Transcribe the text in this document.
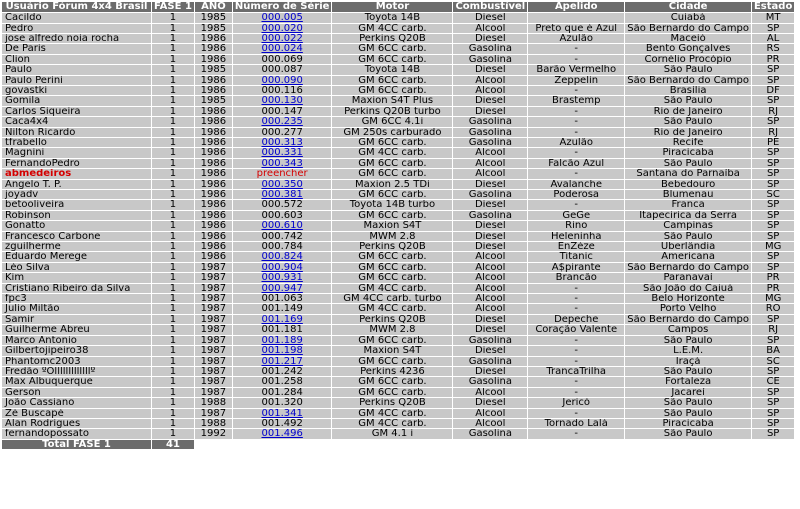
Usuário Fórum 4x4 Brasil	FASE 1	ANO	Número de Série	Motor	Combustível	Apelido	Cidade	Estado
Cacildo	1	1985	000.005	Toyota 14B	Diesel		Cuiabá	MT
Pedro	1	1985	000.020	GM 4CC carb.	Álcool	Preto que é Azul	São Bernardo do Campo	SP
jose alfredo noia rocha	1	1986	000.022	Perkins Q20B	Diesel	Azulão	Maceió	AL
De Paris	1	1986	000.024	GM 6CC carb.	Gasolina	-	Bento Gonçalves	RS
Clion	1	1986	000.069	GM 6CC carb.	Gasolina	-	Cornélio Procópio	PR
Paulo	1	1985	000.087	Toyota 14B	Diesel	Barão Vermelho	São Paulo	SP
Paulo Perini	1	1986	000.090	GM 6CC carb.	Álcool	Zeppelin	São Bernardo do Campo	SP
govastki	1	1986	000.116	GM 6CC carb.	Álcool	-	Brasília	DF
Gomila	1	1985	000.130	Maxion S4T Plus	Diesel	Brastemp	São Paulo	SP
Carlos Siqueira	1	1986	000.147	Perkins Q20B turbo	Diesel	-	Rio de Janeiro	RJ
Caca4x4	1	1986	000.235	GM 6CC 4.1i	Gasolina	-	São Paulo	SP
Nilton Ricardo	1	1986	000.277	GM 250s carburado	Gasolina	-	Rio de Janeiro	RJ
tfrabello	1	1986	000.313	GM 6CC carb.	Gasolina	Azulão	Recife	PE
Magnini	1	1986	000.331	GM 4CC carb.	Álcool	-	Piracicaba	SP
FernandoPedro	1	1986	000.343	GM 6CC carb.	Álcool	Falcão Azul	São Paulo	SP
abmedeiros	1	1986	preencher	GM 6CC carb.	Álcool	-	Santana do Parnaíba	SP
Angelo T. P.	1	1986	000.350	Maxion 2.5 TDi	Diesel	Avalanche	Bebedouro	SP
joyadv	1	1986	000.381	GM 6CC carb.	Gasolina	Poderosa	Blumenau	SC
betooliveira	1	1986	000.572	Toyota 14B turbo	Diesel	-	Franca	SP
Robinson	1	1986	000.603	GM 6CC carb.	Gasolina	GeGe	Itapecirica da Serra	SP
Gonatto	1	1986	000.610	Maxion S4T	Diesel	Rino	Campinas	SP
Francesco Carbone	1	1986	000.742	MWM 2.8	Diesel	Heleninha	São Paulo	SP
zguilherme	1	1986	000.784	Perkins Q20B	Diesel	EnZéze	Uberlândia	MG
Eduardo Merege	1	1986	000.824	GM 6CC carb.	Álcool	Titanic	Americana	SP
Léo Silva	1	1987	000.904	GM 6CC carb.	Álcool	A$pirante	São Bernardo do Campo	SP
Kim	1	1987	000.931	GM 6CC carb.	Álcool	Brancão	Paranavaí	PR
Cristiano Ribeiro da Silva	1	1987	000.947	GM 4CC carb.	Álcool	-	São João do Caiuá	PR
fpc3	1	1987	001.063	GM 4CC carb. turbo	Álcool	-	Belo Horizonte	MG
Julio Miltão	1	1987	001.149	GM 4CC carb.	Álcool	-	Porto Velho	RO
Samir	1	1987	001.169	Perkins Q20B	Diesel	Depeche	São Bernardo do Campo	SP
Guilherme Abreu	1	1987	001.181	MWM 2.8	Diesel	Coração Valente	Campos	RJ
Marco Antonio	1	1987	001.189	GM 6CC carb.	Gasolina	-	São Paulo	SP
Gilbertojipeiro38	1	1987	001.198	Maxion S4T	Diesel	-	L.E.M.	BA
Phantomc2003	1	1987	001.217	GM 6CC carb.	Gasolina	-	Iraçá	SC
Fredão ºOlllllllllllllº	1	1987	001.242	Perkins 4236	Diesel	TrancaTrilha	São Paulo	SP
Max Albuquerque	1	1987	001.258	GM 6CC carb.	Gasolina	-	Fortaleza	CE
Gerson	1	1987	001.284	GM 6CC carb.	Álcool	-	Jacareí	SP
João Cassiano	1	1988	001.320	Perkins Q20B	Diesel	Jericó	São Paulo	SP
Zé Buscapé	1	1987	001.341	GM 4CC carb.	Álcool	-	São Paulo	SP
Alan Rodrigues	1	1988	001.492	GM 4CC carb.	Álcool	Tornado Lalá	Piracicaba	SP
fernandopossato	1	1992	001.496	GM 4.1 i	Gasolina	-	São Paulo	SP
Total FASE 1	41							
